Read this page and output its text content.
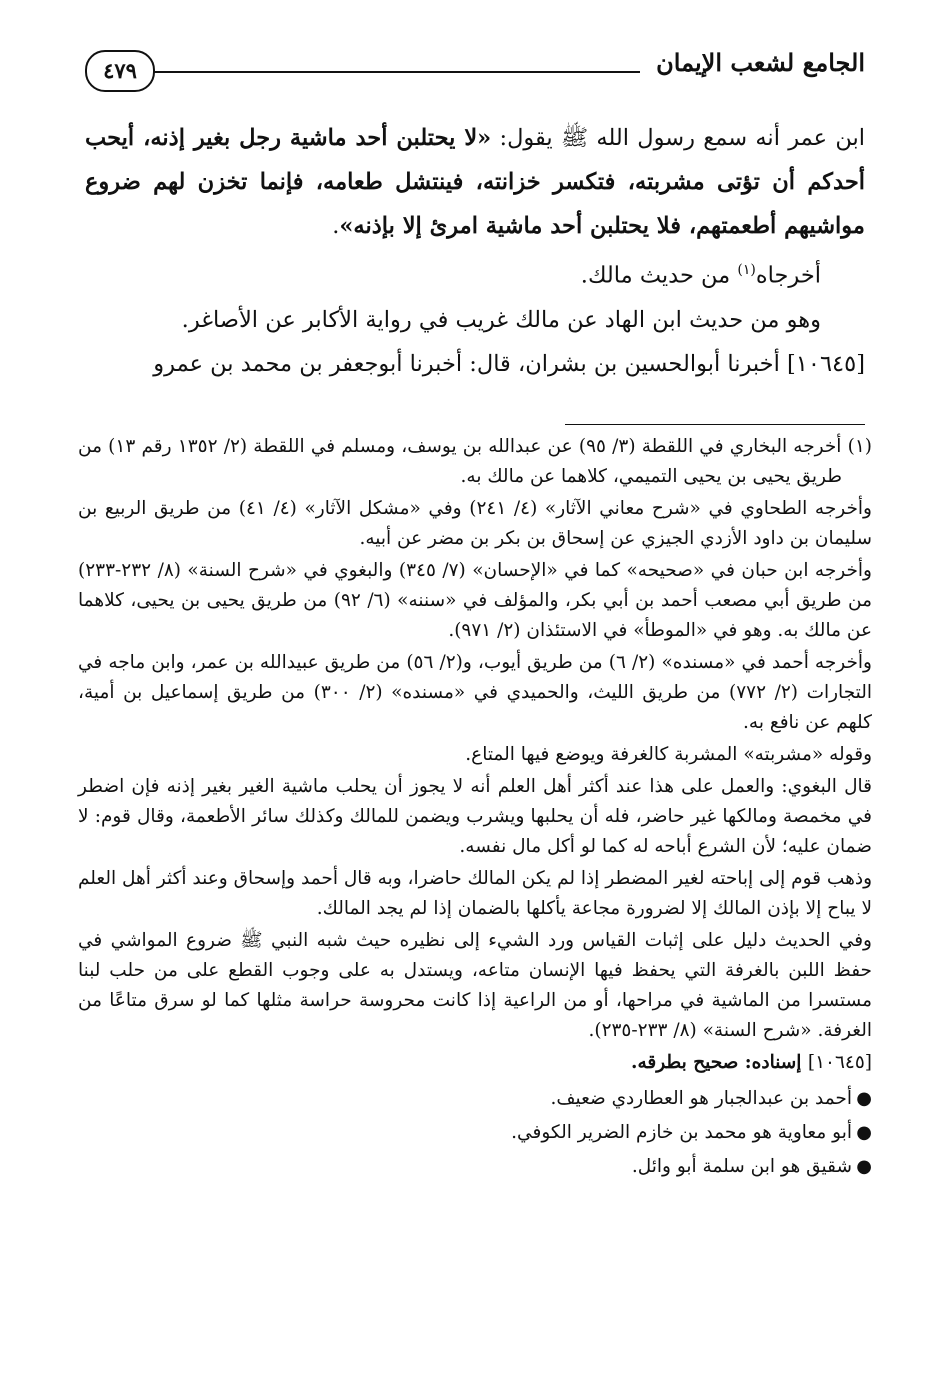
الجامع لشعب الإيمان
٤٧٩

ابن عمر أنه سمع رسول الله ﷺ يقول: «لا يحتلبن أحد ماشية رجل بغير إذنه، أيحب أحدكم أن تؤتى مشربته، فتكسر خزانته، فينتشل طعامه، فإنما تخزن لهم ضروع مواشيهم أطعمتهم، فلا يحتلبن أحد ماشية امرئ إلا بإذنه».

أخرجاه$^{(١)}$ من حديث مالك.

وهو من حديث ابن الهاد عن مالك غريب في رواية الأكابر عن الأصاغر.

[١٠٦٤٥] أخبرنا أبوالحسين بن بشران، قال: أخبرنا أبوجعفر بن محمد بن عمرو

(١) أخرجه البخاري في اللقطة (٣/ ٩٥) عن عبدالله بن يوسف، ومسلم في اللقطة (٢/ ١٣٥٢ رقم ١٣) من طريق يحيى بن يحيى التميمي، كلاهما عن مالك به.

وأخرجه الطحاوي في «شرح معاني الآثار» (٤/ ٢٤١) وفي «مشكل الآثار» (٤/ ٤١) من طريق الربيع بن سليمان بن داود الأزدي الجيزي عن إسحاق بن بكر بن مضر عن أبيه.

وأخرجه ابن حبان في «صحيحه» كما في «الإحسان» (٧/ ٣٤٥) والبغوي في «شرح السنة» (٨/ ٢٣٢-٢٣٣) من طريق أبي مصعب أحمد بن أبي بكر، والمؤلف في «سننه» (٦/ ٩٢) من طريق يحيى بن يحيى، كلاهما عن مالك به. وهو في «الموطأ» في الاستئذان (٢/ ٩٧١).

وأخرجه أحمد في «مسنده» (٢/ ٦) من طريق أيوب، و(٢/ ٥٦) من طريق عبيدالله بن عمر، وابن ماجه في التجارات (٢/ ٧٧٢) من طريق الليث، والحميدي في «مسنده» (٢/ ٣٠٠) من طريق إسماعيل بن أمية، كلهم عن نافع به.

وقوله «مشربته» المشربة كالغرفة ويوضع فيها المتاع.

قال البغوي: والعمل على هذا عند أكثر أهل العلم أنه لا يجوز أن يحلب ماشية الغير بغير إذنه فإن اضطر في مخمصة ومالكها غير حاضر، فله أن يحلبها ويشرب ويضمن للمالك وكذلك سائر الأطعمة، وقال قوم: لا ضمان عليه؛ لأن الشرع أباحه له كما لو أكل مال نفسه.

وذهب قوم إلى إباحته لغير المضطر إذا لم يكن المالك حاضرا، وبه قال أحمد وإسحاق وعند أكثر أهل العلم لا يباح إلا بإذن المالك إلا لضرورة مجاعة يأكلها بالضمان إذا لم يجد المالك.

وفي الحديث دليل على إثبات القياس ورد الشيء إلى نظيره حيث شبه النبي ﷺ ضروع المواشي في حفظ اللبن بالغرفة التي يحفظ فيها الإنسان متاعه، ويستدل به على وجوب القطع على من حلب لبنا مستسرا من الماشية في مراحها، أو من الراعية إذا كانت محروسة حراسة مثلها كما لو سرق متاعًا من الغرفة. «شرح السنة» (٨/ ٢٣٣-٢٣٥).

[١٠٦٤٥] إسناده: صحيح بطرقه.

●
أحمد بن عبدالجبار هو العطاردي ضعيف.
●
أبو معاوية هو محمد بن خازم الضرير الكوفي.
●
شقيق هو ابن سلمة أبو وائل.
